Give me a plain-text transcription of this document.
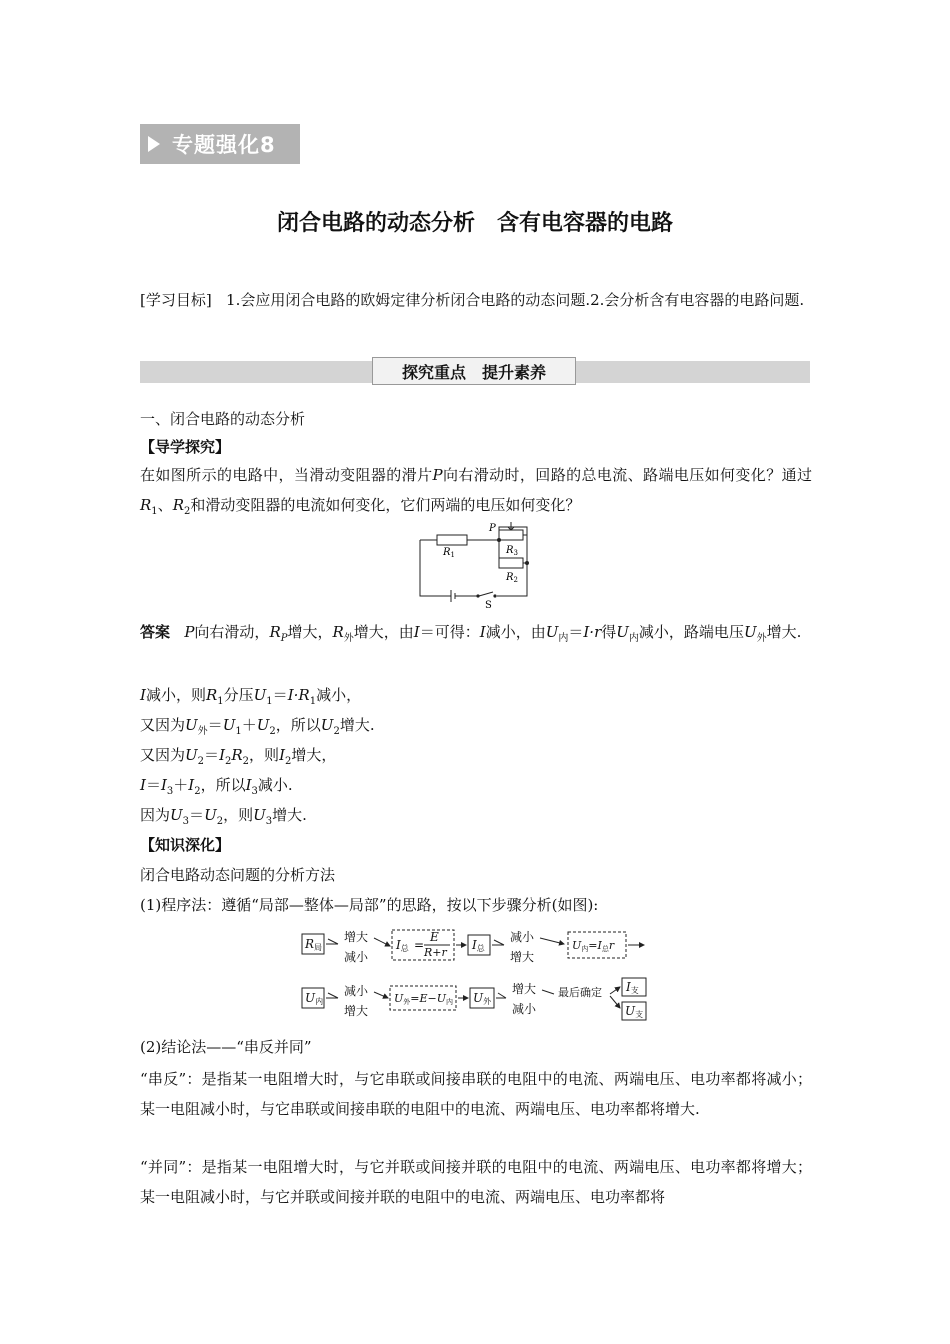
专题强化8
闭合电路的动态分析　含有电容器的电路
[学习目标] 1.会应用闭合电路的欧姆定律分析闭合电路的动态问题.2.会分析含有电容器的电路问题.
探究重点　提升素养
一、闭合电路的动态分析
【导学探究】
在如图所示的电路中，当滑动变阻器的滑片P向右滑动时，回路的总电流、路端电压如何变化？通过$R_1$、$R_2$和滑动变阻器的电流如何变化，它们两端的电压如何变化？
$R_1$
P
$R_3$
$R_2$
S
答案 P向右滑动，$R_P$增大，$R_外$增大，由I＝可得：I减小，由$U_内=I\cdot r$得$U_内$减小，路端电压$U_外$增大.
I减小，则$R_1$分压$U_1=I\cdot R_1$减小，
又因为$U_外=U_1+U_2$，所以$U_2$增大.
又因为$U_2=I_2R_2$，则$I_2$增大，
$I=I_3+I_2$，所以$I_3$减小.
因为$U_3=U_2$，则$U_3$增大.
【知识深化】
闭合电路动态问题的分析方法
(1)程序法：遵循“局部—整体—局部”的思路，按以下步骤分析(如图):
R局
增大
减小
I总 =
E
R+r
I总
减小
增大
U内=I总r
U内
减小
增大
U外=E−U内 U外
增大
减小
最后确定 I支
U支
(2)结论法——“串反并同”
“串反”：是指某一电阻增大时，与它串联或间接串联的电阻中的电流、两端电压、电功率都将减小；某一电阻减小时，与它串联或间接串联的电阻中的电流、两端电压、电功率都将增大.
“并同”：是指某一电阻增大时，与它并联或间接并联的电阻中的电流、两端电压、电功率都将增大；某一电阻减小时，与它并联或间接并联的电阻中的电流、两端电压、电功率都将
